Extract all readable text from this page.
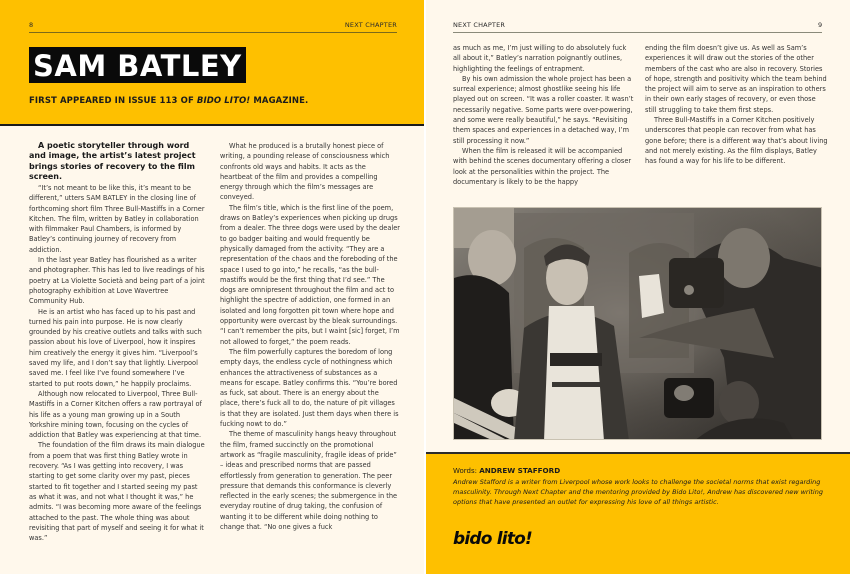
8	NEXT CHAPTER
SAM BATLEY
FIRST APPEARED IN ISSUE 113 OF BIDO LITO! MAGAZINE.
A poetic storyteller through word and image, the artist’s latest project brings stories of recovery to the film screen.

“It’s not meant to be like this, it’s meant to be different,” utters SAM BATLEY in the closing line of forthcoming short film Three Bull-Mastiffs in a Corner Kitchen. The film, written by Batley in collaboration with filmmaker Paul Chambers, is informed by Batley’s continuing journey of recovery from addiction.

In the last year Batley has flourished as a writer and photographer. This has led to live readings of his poetry at La Violette Società and being part of a joint photography exhibition at Love Wavertree Community Hub.

He is an artist who has faced up to his past and turned his pain into purpose. He is now clearly grounded by his creative outlets and talks with such passion about his love of Liverpool, how it inspires him creatively the energy it gives him. “Liverpool’s saved my life, and I don’t say that lightly. Liverpool saved me. I feel like I’ve found somewhere I’ve started to put roots down,” he happily proclaims.

Although now relocated to Liverpool, Three Bull-Mastiffs in a Corner Kitchen offers a raw portrayal of his life as a young man growing up in a South Yorkshire mining town, focusing on the cycles of addiction that Batley was experiencing at that time.

The foundation of the film draws its main dialogue from a poem that was first thing Batley wrote in recovery. “As I was getting into recovery, I was starting to get some clarity over my past, pieces started to fit together and I started seeing my past as what it was, and not what I thought it was,” he admits. “I was becoming more aware of the feelings attached to the past. The whole thing was about revisiting that part of myself and seeing it for what it was.”

What he produced is a brutally honest piece of writing, a pounding release of consciousness which confronts old ways and habits. It acts as the heartbeat of the film and provides a compelling energy through which the film’s messages are conveyed.

The film’s title, which is the first line of the poem, draws on Batley’s experiences when picking up drugs from a dealer. The three dogs were used by the dealer to go badger baiting and would frequently be physically damaged from the activity. “They are a representation of the chaos and the foreboding of the space I used to go into,” he recalls, “as the bull-mastiffs would be the first thing that I’d see.” The dogs are omnipresent throughout the film and act to highlight the spectre of addiction, one formed in an isolated and long forgotten pit town where hope and opportunity were overcast by the bleak surroundings. “I can’t remember the pits, but I waint [sic] forget, I’m not allowed to forget,” the poem reads.

The film powerfully captures the boredom of long empty days, the endless cycle of nothingness which enhances the attractiveness of substances as a means for escape. Batley confirms this. “You’re bored as fuck, sat about. There is an energy about the place, there’s fuck all to do, the nature of pit villages is that they are isolated. Just them days when there is fucking nowt to do.”

The theme of masculinity hangs heavy throughout the film, framed succinctly on the promotional artwork as “fragile masculinity, fragile ideas of pride” – ideas and prescribed norms that are passed effortlessly from generation to generation. The peer pressure that demands this conformance is cleverly reflected in the early scenes; the submergence in the everyday routine of drug taking, the confusion of wanting it to be different while doing nothing to change that. “No one gives a fuck

NEXT CHAPTER	9

as much as me, I’m just willing to do absolutely fuck all about it,” Batley’s narration poignantly outlines, highlighting the feelings of entrapment.

By his own admission the whole project has been a surreal experience; almost ghostlike seeing his life played out on screen. “It was a roller coaster. It wasn’t necessarily negative. Some parts were over-powering, and some were really beautiful,” he says. “Revisiting them spaces and experiences in a detached way, I’m still processing it now.”

When the film is released it will be accompanied with behind the scenes documentary offering a closer look at the personalities within the project. The documentary is likely to be the happy

ending the film doesn’t give us. As well as Sam’s experiences it will draw out the stories of the other members of the cast who are also in recovery. Stories of hope, strength and positivity which the team behind the project will aim to serve as an inspiration to others in their own early stages of recovery, or even those still struggling to take them first steps.

Three Bull-Mastiffs in a Corner Kitchen positively underscores that people can recover from what has gone before; there is a different way that’s about living and not merely existing. As the film displays, Batley has found a way for his life to be different.

Words: ANDREW STAFFORD
Andrew Stafford is a writer from Liverpool whose work looks to challenge the societal norms that exist regarding masculinity. Through Next Chapter and the mentoring provided by Bido Lito!, Andrew has discovered new writing options that have presented an outlet for expressing his love of all things artistic.
bido lito!
